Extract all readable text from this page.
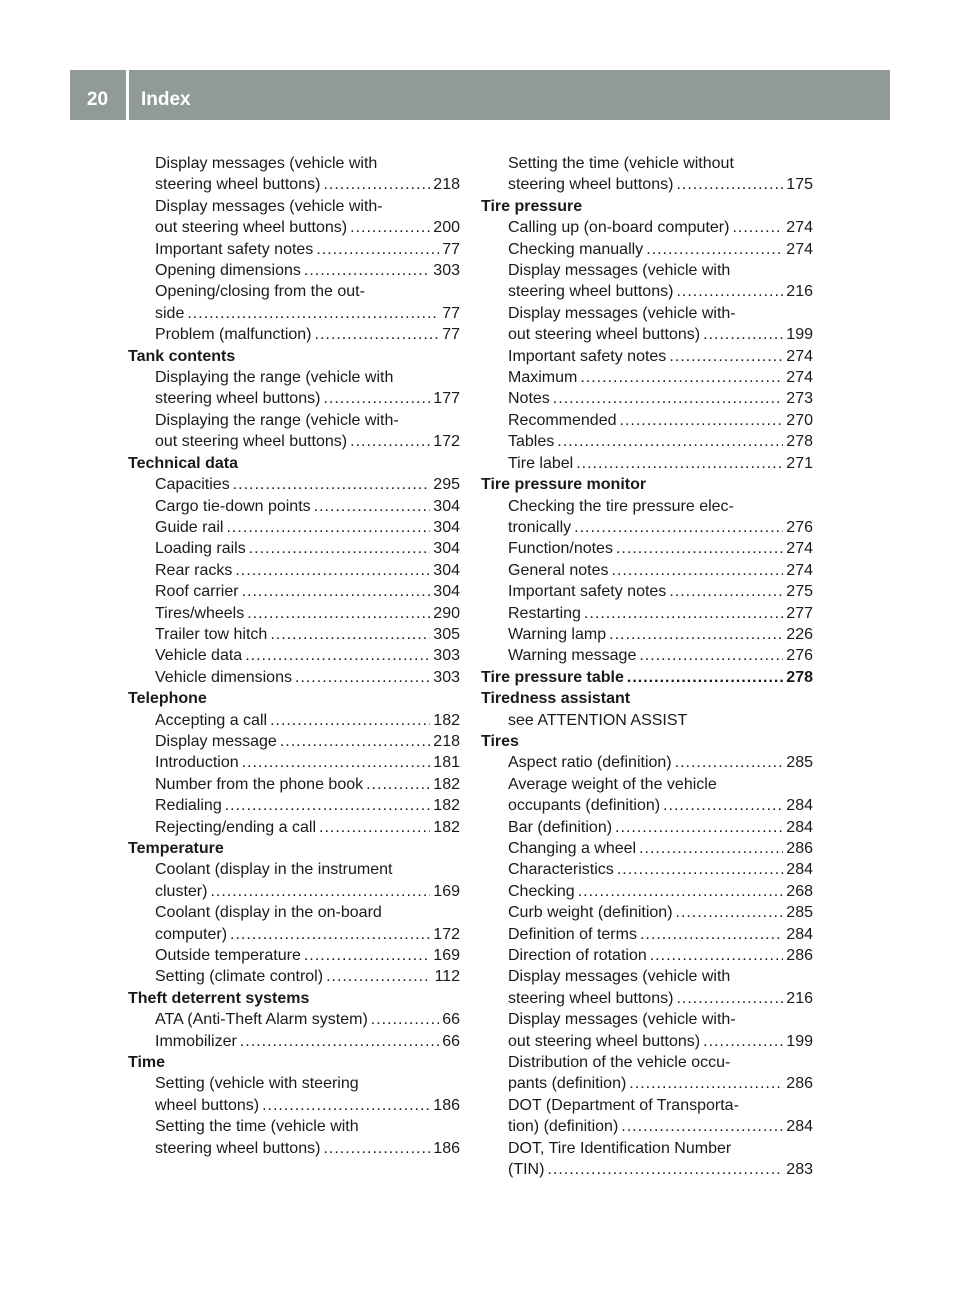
20	Index
Display messages (vehicle with
steering wheel buttons) .....	218
Display messages (vehicle with-
out steering wheel buttons) .....	200
Important safety notes .....	77
Opening dimensions .....	303
Opening/closing from the out-
side .....	77
Problem (malfunction) .....	77
Tank contents
Displaying the range (vehicle with
steering wheel buttons) .....	177
Displaying the range (vehicle with-
out steering wheel buttons) .....	172
Technical data
Capacities .....	295
Cargo tie-down points .....	304
Guide rail .....	304
Loading rails .....	304
Rear racks .....	304
Roof carrier .....	304
Tires/wheels .....	290
Trailer tow hitch .....	305
Vehicle data .....	303
Vehicle dimensions .....	303
Telephone
Accepting a call .....	182
Display message .....	218
Introduction .....	181
Number from the phone book .....	182
Redialing .....	182
Rejecting/ending a call .....	182
Temperature
Coolant (display in the instrument
cluster) .....	169
Coolant (display in the on-board
computer) .....	172
Outside temperature .....	169
Setting (climate control) .....	112
Theft deterrent systems
ATA (Anti-Theft Alarm system) .....	66
Immobilizer .....	66
Time
Setting (vehicle with steering
wheel buttons) .....	186
Setting the time (vehicle with
steering wheel buttons) .....	186
Setting the time (vehicle without
steering wheel buttons) .....	175
Tire pressure
Calling up (on-board computer) .....	274
Checking manually .....	274
Display messages (vehicle with
steering wheel buttons) .....	216
Display messages (vehicle with-
out steering wheel buttons) .....	199
Important safety notes .....	274
Maximum .....	274
Notes .....	273
Recommended .....	270
Tables .....	278
Tire label .....	271
Tire pressure monitor
Checking the tire pressure elec-
tronically .....	276
Function/notes .....	274
General notes .....	274
Important safety notes .....	275
Restarting .....	277
Warning lamp .....	226
Warning message .....	276
Tire pressure table .....	278
Tiredness assistant
see ATTENTION ASSIST
Tires
Aspect ratio (definition) .....	285
Average weight of the vehicle
occupants (definition) .....	284
Bar (definition) .....	284
Changing a wheel .....	286
Characteristics .....	284
Checking .....	268
Curb weight (definition) .....	285
Definition of terms .....	284
Direction of rotation .....	286
Display messages (vehicle with
steering wheel buttons) .....	216
Display messages (vehicle with-
out steering wheel buttons) .....	199
Distribution of the vehicle occu-
pants (definition) .....	286
DOT (Department of Transporta-
tion) (definition) .....	284
DOT, Tire Identification Number
(TIN) .....	283
